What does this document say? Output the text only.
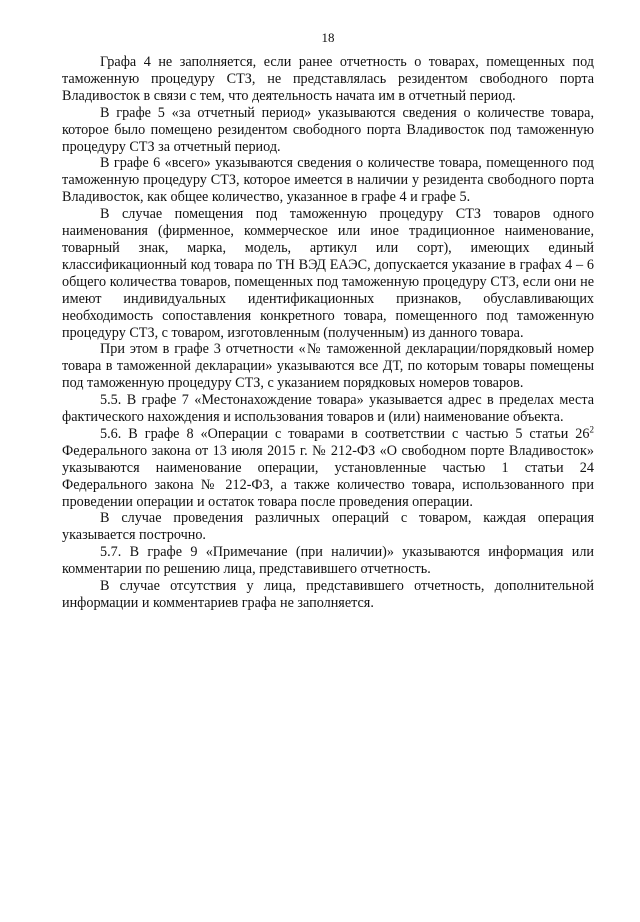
18

Графа 4 не заполняется, если ранее отчетность о товарах, помещенных под таможенную процедуру СТЗ, не представлялась резидентом свободного порта Владивосток в связи с тем, что деятельность начата им в отчетный период.

В графе 5 «за отчетный период» указываются сведения о количестве товара, которое было помещено резидентом свободного порта Владивосток под таможенную процедуру СТЗ за отчетный период.

В графе 6 «всего» указываются сведения о количестве товара, помещенного под таможенную процедуру СТЗ, которое имеется в наличии у резидента свободного порта Владивосток, как общее количество, указанное в графе 4 и графе 5.

В случае помещения под таможенную процедуру СТЗ товаров одного наименования (фирменное, коммерческое или иное традиционное наименование, товарный знак, марка, модель, артикул или сорт), имеющих единый классификационный код товара по ТН ВЭД ЕАЭС, допускается указание в графах 4 – 6 общего количества товаров, помещенных под таможенную процедуру СТЗ, если они не имеют индивидуальных идентификационных признаков, обуславливающих необходимость сопоставления конкретного товара, помещенного под таможенную процедуру СТЗ, с товаром, изготовленным (полученным) из данного товара.

При этом в графе 3 отчетности «№ таможенной декларации/порядковый номер товара в таможенной декларации» указываются все ДТ, по которым товары помещены под таможенную процедуру СТЗ, с указанием порядковых номеров товаров.

5.5. В графе 7 «Местонахождение товара» указывается адрес в пределах места фактического нахождения и использования товаров и (или) наименование объекта.

5.6. В графе 8 «Операции с товарами в соответствии с частью 5 статьи $26^2$ Федерального закона от 13 июля 2015 г. № 212-ФЗ «О свободном порте Владивосток» указываются наименование операции, установленные частью 1 статьи 24 Федерального закона № 212-ФЗ, а также количество товара, использованного при проведении операции и остаток товара после проведения операции.

В случае проведения различных операций с товаром, каждая операция указывается построчно.

5.7. В графе 9 «Примечание (при наличии)» указываются информация или комментарии по решению лица, представившего отчетность.

В случае отсутствия у лица, представившего отчетность, дополнительной информации и комментариев графа не заполняется.
